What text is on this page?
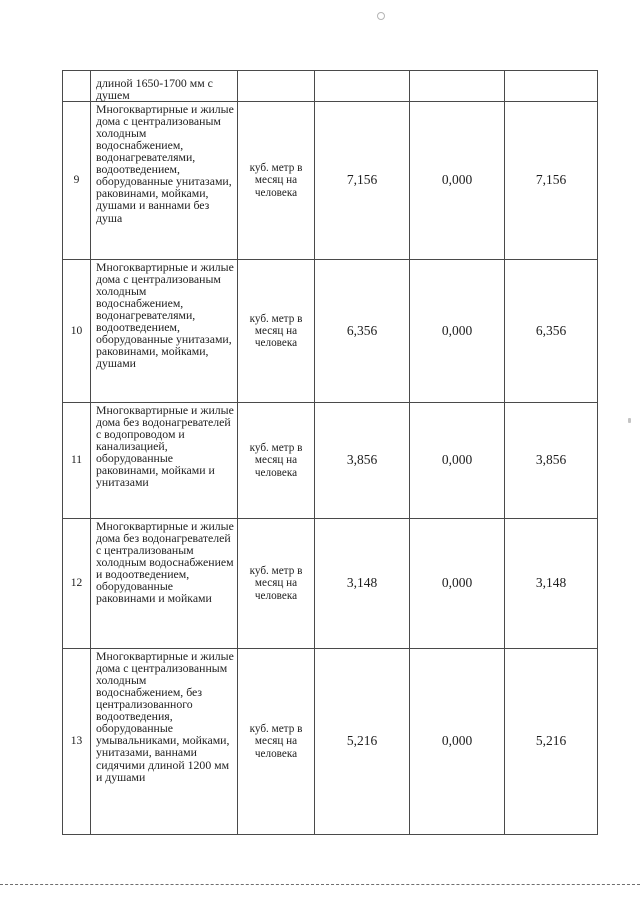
	длиной 1650-1700 мм с душем				
9	Многоквартирные и жилые дома с централизованым холодным водоснабжением, водонагревателями, водоотведением, оборудованные унитазами, раковинами, мойками, душами и ваннами без душа	куб. метр в месяц на человека	7,156	0,000	7,156
10	Многоквартирные и жилые дома с централизованым холодным водоснабжением, водонагревателями, водоотведением, оборудованные унитазами, раковинами, мойками, душами	куб. метр в месяц на человека	6,356	0,000	6,356
11	Многоквартирные и жилые дома без водонагревателей с водопроводом и канализацией, оборудованные раковинами, мойками и унитазами	куб. метр в месяц на человека	3,856	0,000	3,856
12	Многоквартирные и жилые дома без водонагревателей с централизованым холодным водоснабжением и водоотведением, оборудованные раковинами и мойками	куб. метр в месяц на человека	3,148	0,000	3,148
13	Многоквартирные и жилые дома с централизованным холодным водоснабжением, без централизованного водоотведения, оборудованные умывальниками, мойками, унитазами, ваннами сидячими длиной 1200 мм и душами	куб. метр в месяц на человека	5,216	0,000	5,216
